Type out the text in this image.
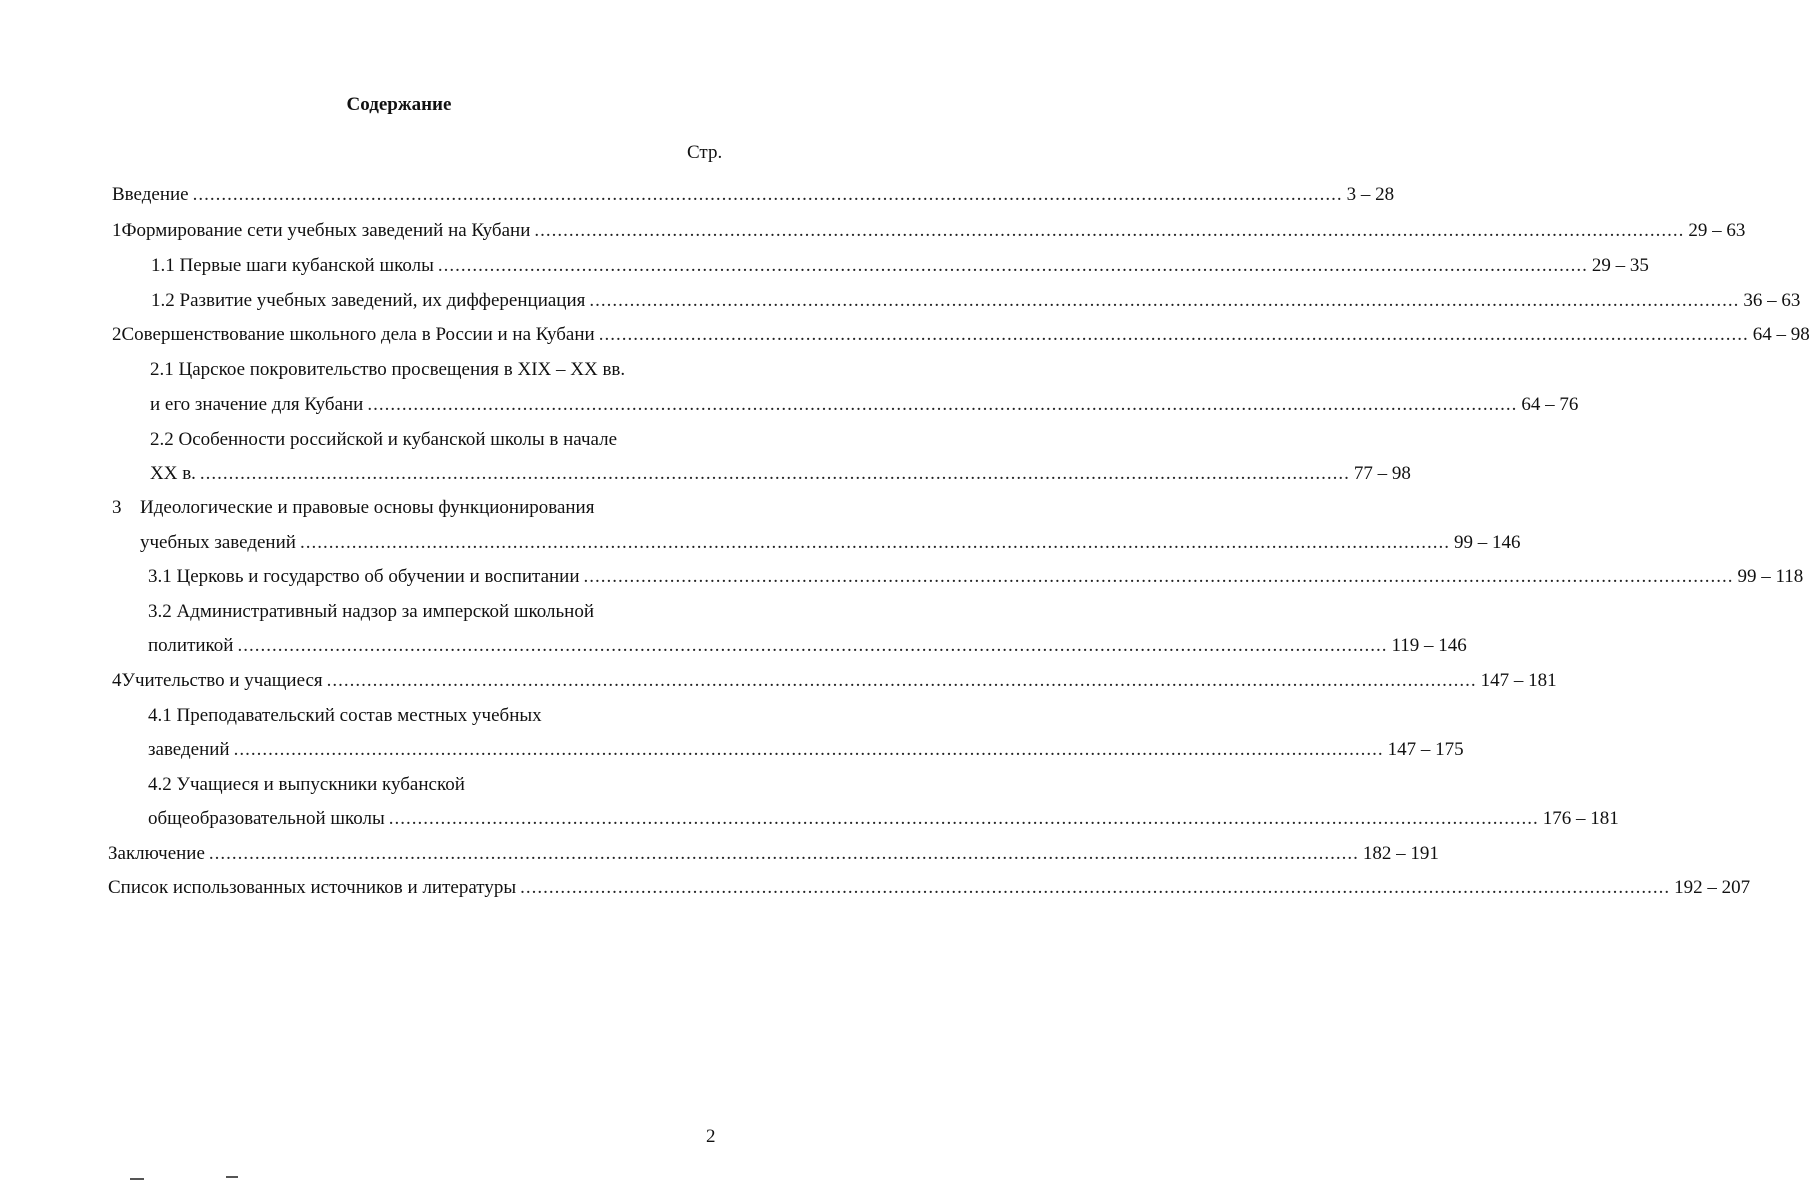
Содержание
Стр.
Введение ........................................................................................................................................................................................................ 3 – 28
1 Формирование сети учебных заведений на Кубани ........................................................................................................................................................................................................ 29 – 63
1.1 Первые шаги кубанской школы ........................................................................................................................................................................................................ 29 – 35
1.2 Развитие учебных заведений, их дифференциация ........................................................................................................................................................................................................ 36 – 63
2 Совершенствование школьного дела в России и на Кубани ........................................................................................................................................................................................................ 64 – 98
2.1 Царское покровительство просвещения в XIX – XX вв.
и его значение для Кубани ........................................................................................................................................................................................................ 64 – 76
2.2 Особенности российской и кубанской школы в начале
XX в. ........................................................................................................................................................................................................ 77 – 98
3 Идеологические и правовые основы функционирования
учебных заведений ........................................................................................................................................................................................................ 99 – 146
3.1 Церковь и государство об обучении и воспитании ........................................................................................................................................................................................................ 99 – 118
3.2 Административный надзор за имперской школьной
политикой ........................................................................................................................................................................................................ 119 – 146
4 Учительство и учащиеся ........................................................................................................................................................................................................ 147 – 181
4.1 Преподавательский состав местных учебных
заведений ........................................................................................................................................................................................................ 147 – 175
4.2 Учащиеся и выпускники кубанской
общеобразовательной школы ........................................................................................................................................................................................................ 176 – 181
Заключение ........................................................................................................................................................................................................ 182 – 191
Список использованных источников и литературы ........................................................................................................................................................................................................ 192 – 207
2
